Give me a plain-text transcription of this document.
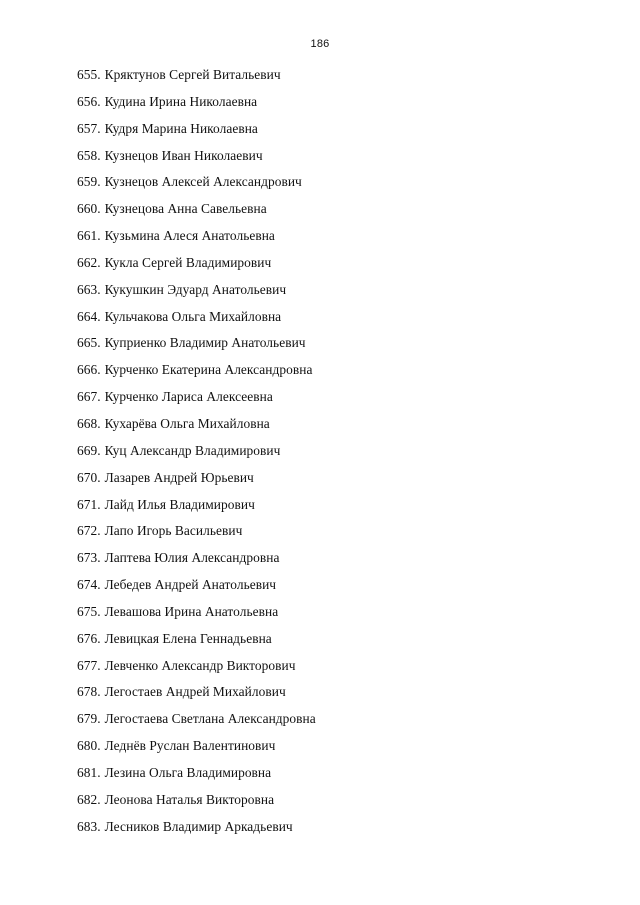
186
655. Кряктунов Сергей Витальевич
656. Кудина Ирина Николаевна
657. Кудря Марина Николаевна
658. Кузнецов Иван Николаевич
659. Кузнецов Алексей Александрович
660. Кузнецова Анна Савельевна
661. Кузьмина Алеся Анатольевна
662. Кукла Сергей Владимирович
663. Кукушкин Эдуард Анатольевич
664. Кульчакова Ольга Михайловна
665. Куприенко Владимир Анатольевич
666. Курченко Екатерина Александровна
667. Курченко Лариса Алексеевна
668. Кухарёва Ольга Михайловна
669. Куц Александр Владимирович
670. Лазарев Андрей Юрьевич
671. Лайд Илья Владимирович
672. Лапо Игорь Васильевич
673. Лаптева Юлия Александровна
674. Лебедев Андрей Анатольевич
675. Левашова Ирина Анатольевна
676. Левицкая Елена Геннадьевна
677. Левченко Александр Викторович
678. Легостаев Андрей Михайлович
679. Легостаева Светлана Александровна
680. Леднёв Руслан Валентинович
681. Лезина Ольга Владимировна
682. Леонова Наталья Викторовна
683. Лесников Владимир Аркадьевич
